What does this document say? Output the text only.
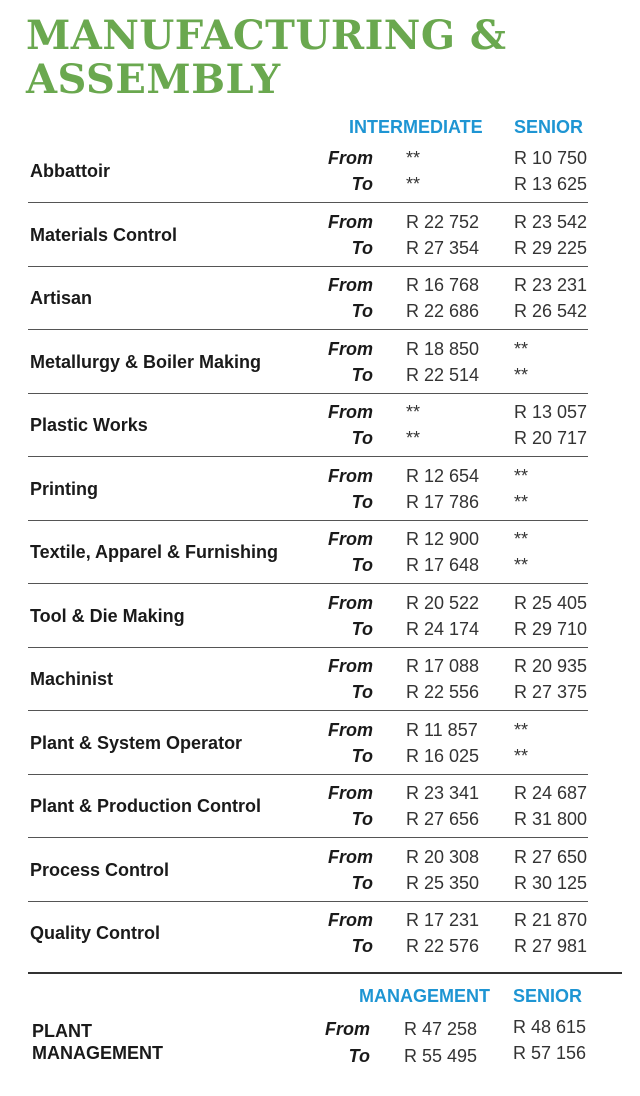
MANUFACTURING &
ASSEMBLY
INTERMEDIATE SENIOR
Abbattoir
From
To
**
**
R 10 750
R 13 625
Materials Control
From
To
R 22 752
R 27 354
R 23 542
R 29 225
Artisan
From
To
R 16 768
R 22 686
R 23 231
R 26 542
Metallurgy & Boiler Making
From
To
R 18 850
R 22 514
**
**
Plastic Works
From
To
**
**
R 13 057
R 20 717
Printing
From
To
R 12 654
R 17 786
**
**
Textile, Apparel & Furnishing
From
To
R 12 900
R 17 648
**
**
Tool & Die Making
From
To
R 20 522
R 24 174
R 25 405
R 29 710
Machinist
From
To
R 17 088
R 22 556
R 20 935
R 27 375
Plant & System Operator
From
To
R 11 857
R 16 025
**
**
Plant & Production Control
From
To
R 23 341
R 27 656
R 24 687
R 31 800
Process Control
From
To
R 20 308
R 25 350
R 27 650
R 30 125
Quality Control
From
To
R 17 231
R 22 576
R 21 870
R 27 981
MANAGEMENT SENIOR
PLANT
MANAGEMENT
From
To
R 47 258
R 55 495
R 48 615
R 57 156
